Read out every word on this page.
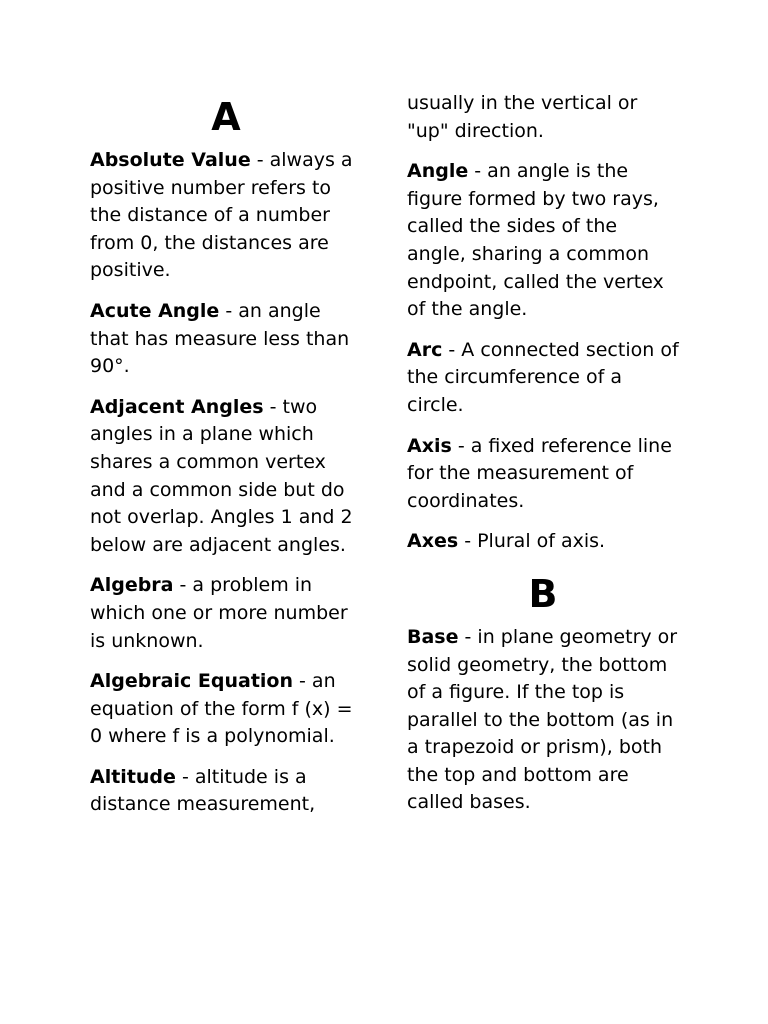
A

Absolute Value - always a positive number refers to the distance of a number from 0, the distances are positive.

Acute Angle - an angle that has measure less than 90°.

Adjacent Angles - two angles in a plane which shares a common vertex and a common side but do not overlap. Angles 1 and 2 below are adjacent angles.

Algebra - a problem in which one or more number is unknown.

Algebraic Equation - an equation of the form f (x) = 0 where f is a polynomial.

Altitude - altitude is a distance measurement,

usually in the vertical or "up" direction.

Angle - an angle is the figure formed by two rays, called the sides of the angle, sharing a common endpoint, called the vertex of the angle.

Arc - A connected section of the circumference of a circle.

Axis - a fixed reference line for the measurement of coordinates.

Axes - Plural of axis.

B

Base - in plane geometry or solid geometry, the bottom of a figure. If the top is parallel to the bottom (as in a trapezoid or prism), both the top and bottom are called bases.
